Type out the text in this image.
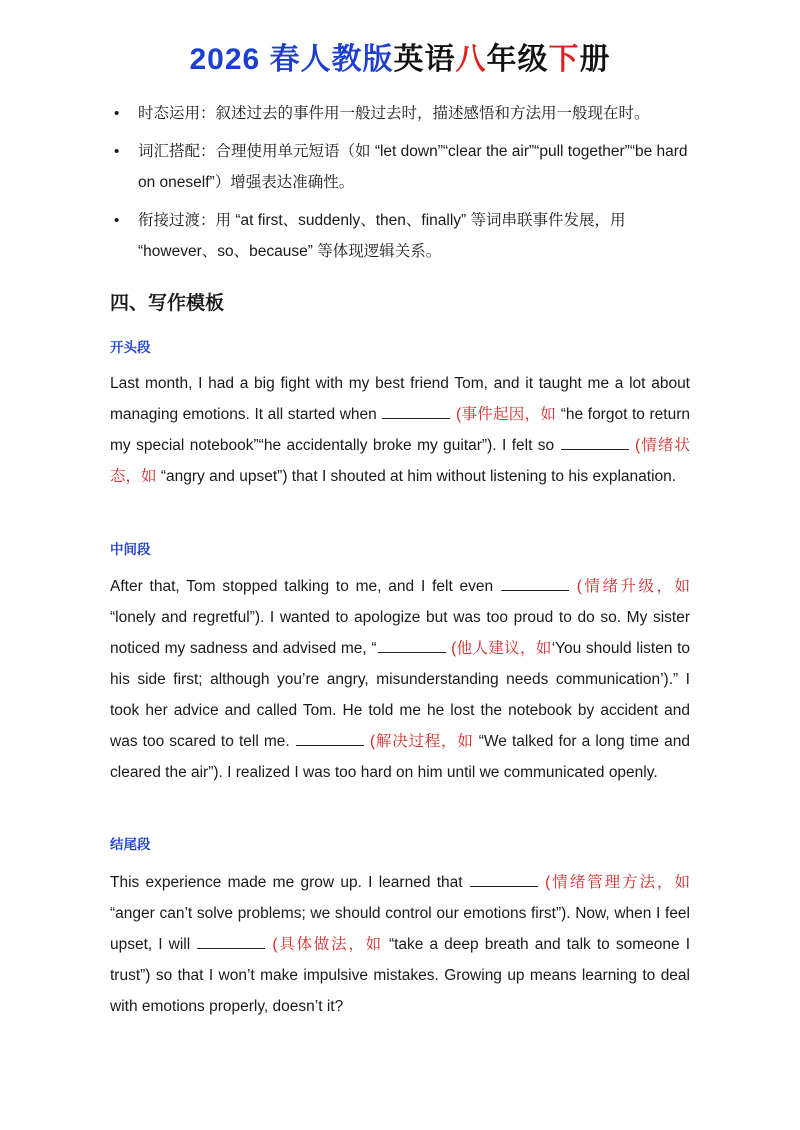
2026 春人教版英语八年级下册
• 时态运用：叙述过去的事件用一般过去时，描述感悟和方法用一般现在时。
• 词汇搭配：合理使用单元短语（如 “let down”“clear the air”“pull together”“be hard on oneself”）增强表达准确性。
• 衔接过渡：用 “at first、suddenly、then、finally” 等词串联事件发展，用 “however、so、because” 等体现逻辑关系。
四、写作模板
开头段
Last month, I had a big fight with my best friend Tom, and it taught me a lot about managing emotions. It all started when	(事件起因，如 “he forgot to return my special notebook”“he accidentally broke my guitar”). I felt so	(情绪状态，如 “angry and upset”) that I shouted at him without listening to his explanation.
中间段
After that, Tom stopped talking to me, and I felt even	(情绪升级，如 “lonely and regretful”). I wanted to apologize but was too proud to do so. My sister noticed my sadness and advised me, “	(他人建议，如‘You should listen to his side first; although you’re angry, misunderstanding needs communication’).” I took her advice and called Tom. He told me he lost the notebook by accident and was too scared to tell me.	(解决过程，如 “We talked for a long time and cleared the air”). I realized I was too hard on him until we communicated openly.
结尾段
This experience made me grow up. I learned that	(情绪管理方法，如 “anger can’t solve problems; we should control our emotions first”). Now, when I feel upset, I will	(具体做法，如 “take a deep breath and talk to someone I trust”) so that I won’t make impulsive mistakes. Growing up means learning to deal with emotions properly, doesn’t it?
